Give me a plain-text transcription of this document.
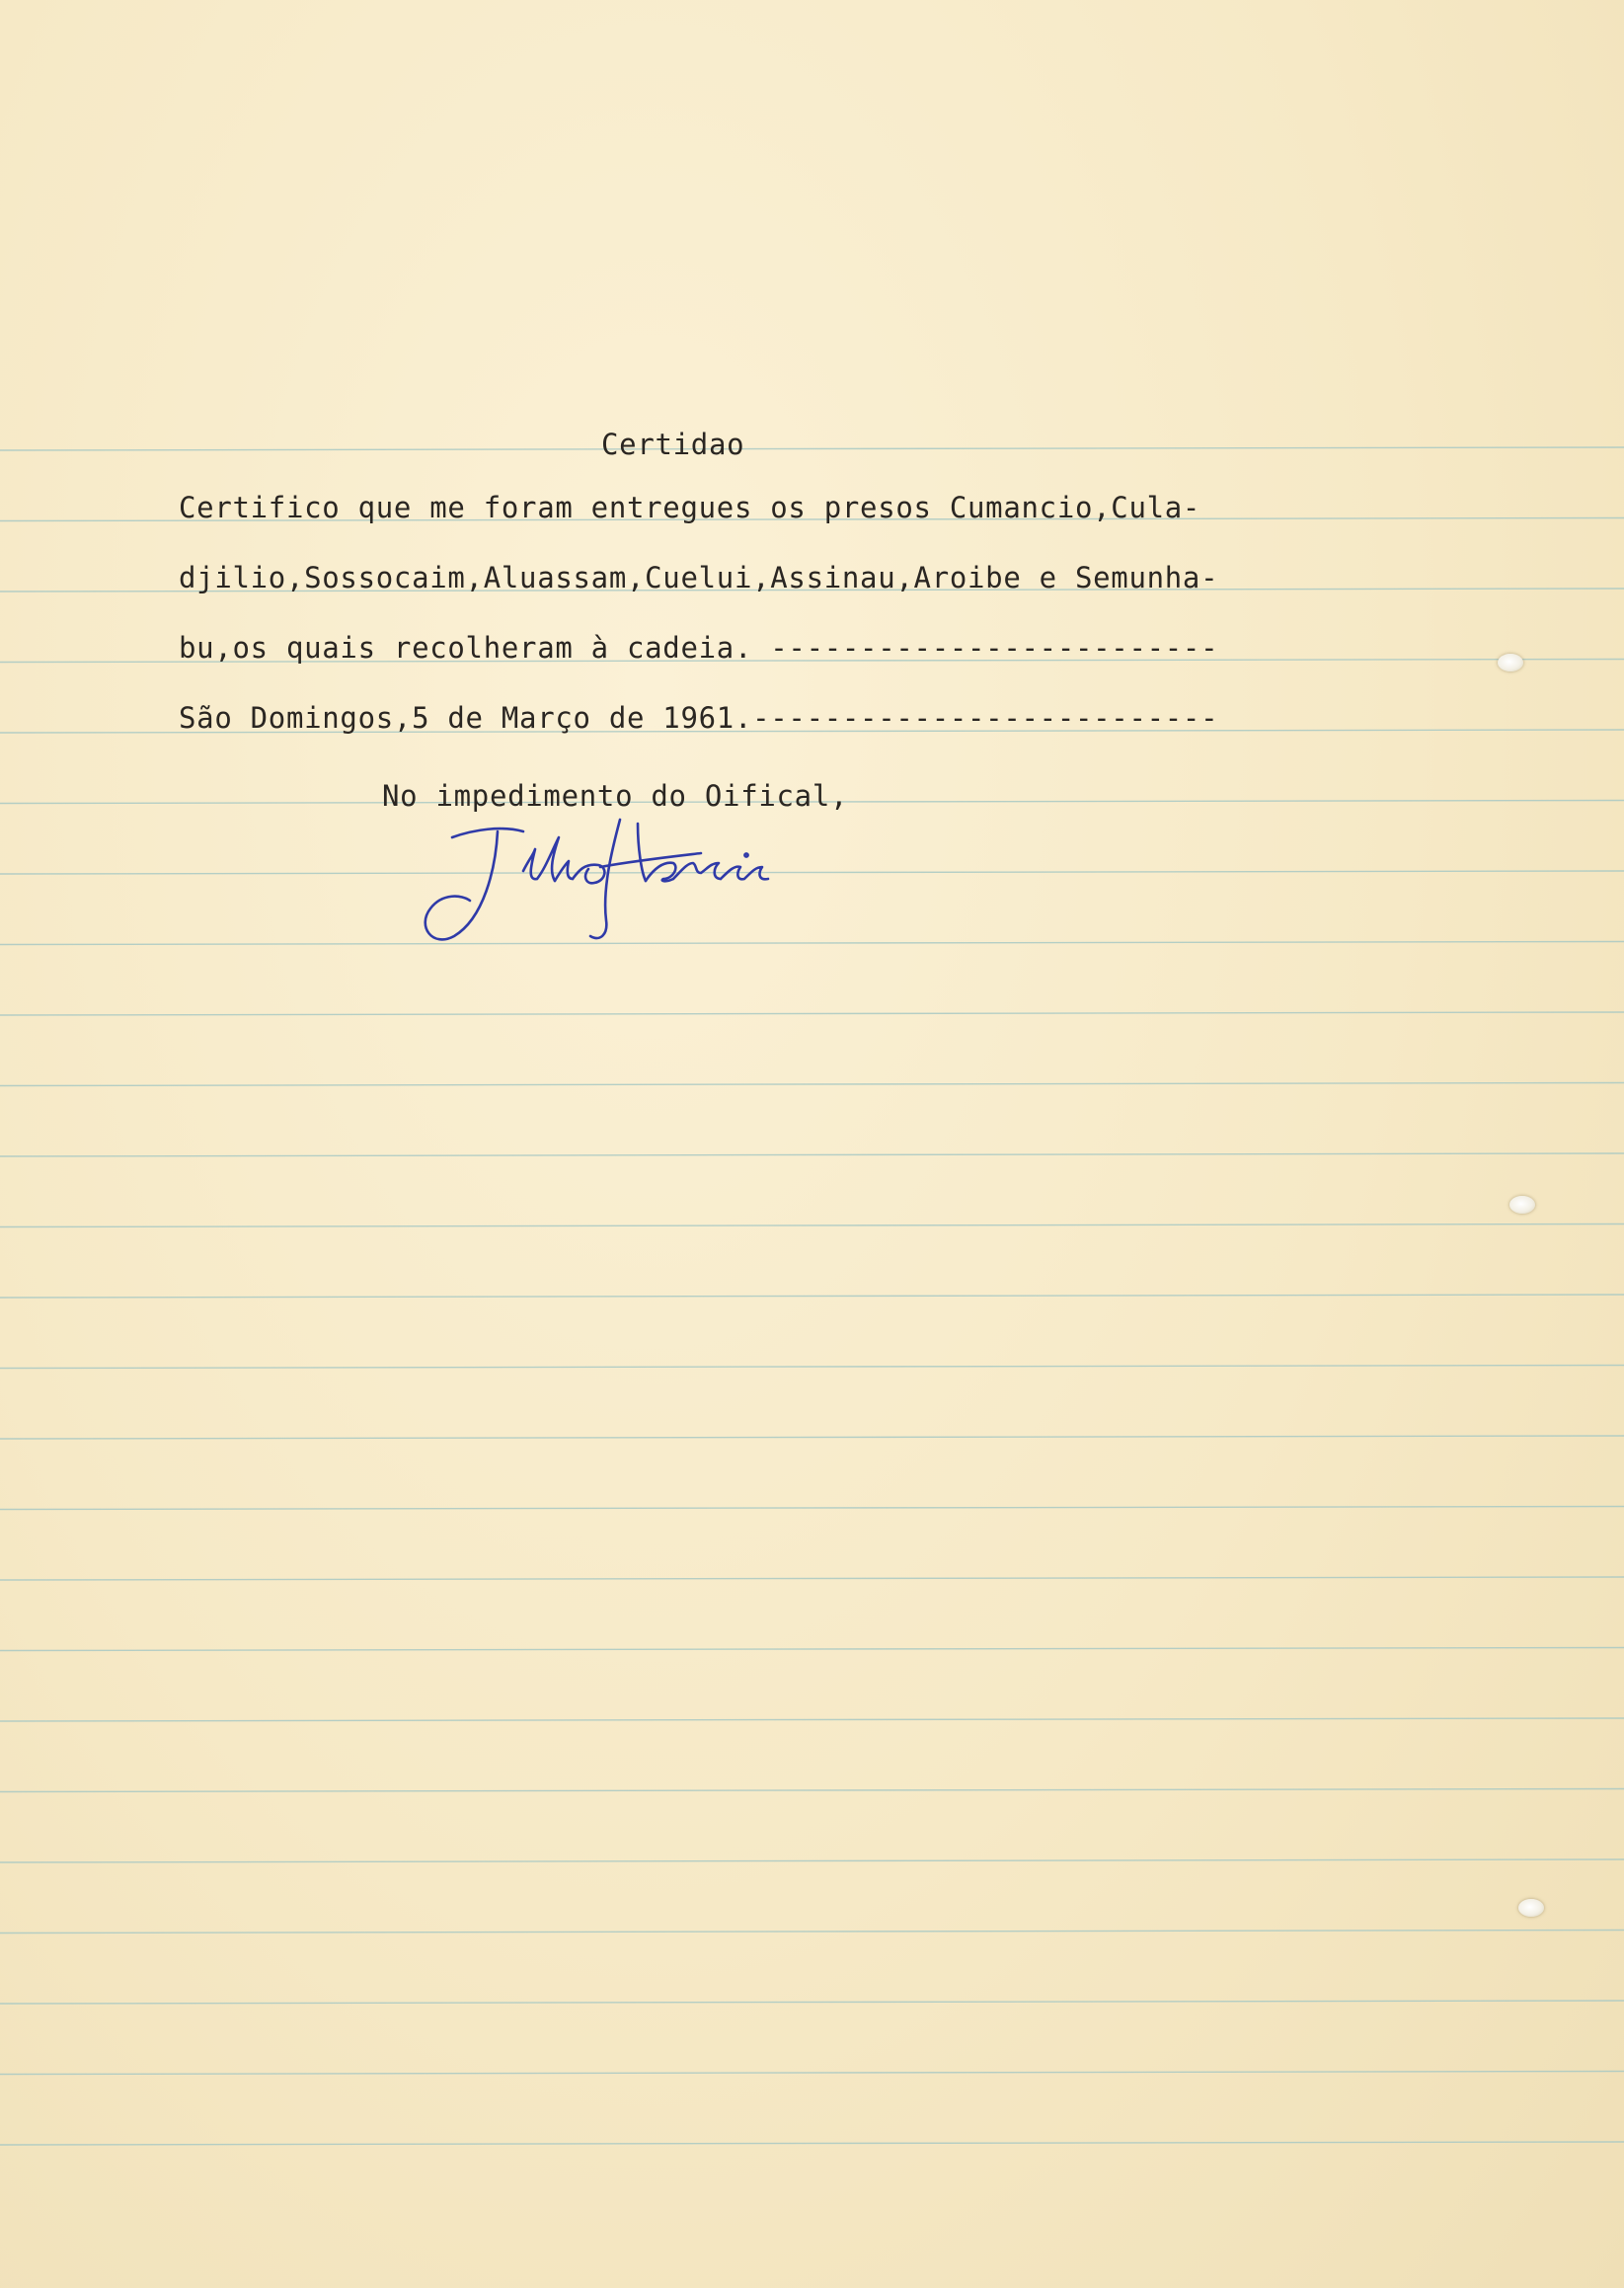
Certidao
Certifico que me foram entregues os presos Cumancio,Cula-
djilio,Sossocaim,Aluassam,Cuelui,Assinau,Aroibe e Semunha-
bu,os quais recolheram à cadeia. -------------------------
São Domingos,5 de Março de 1961.--------------------------
No impedimento do Oifical,
